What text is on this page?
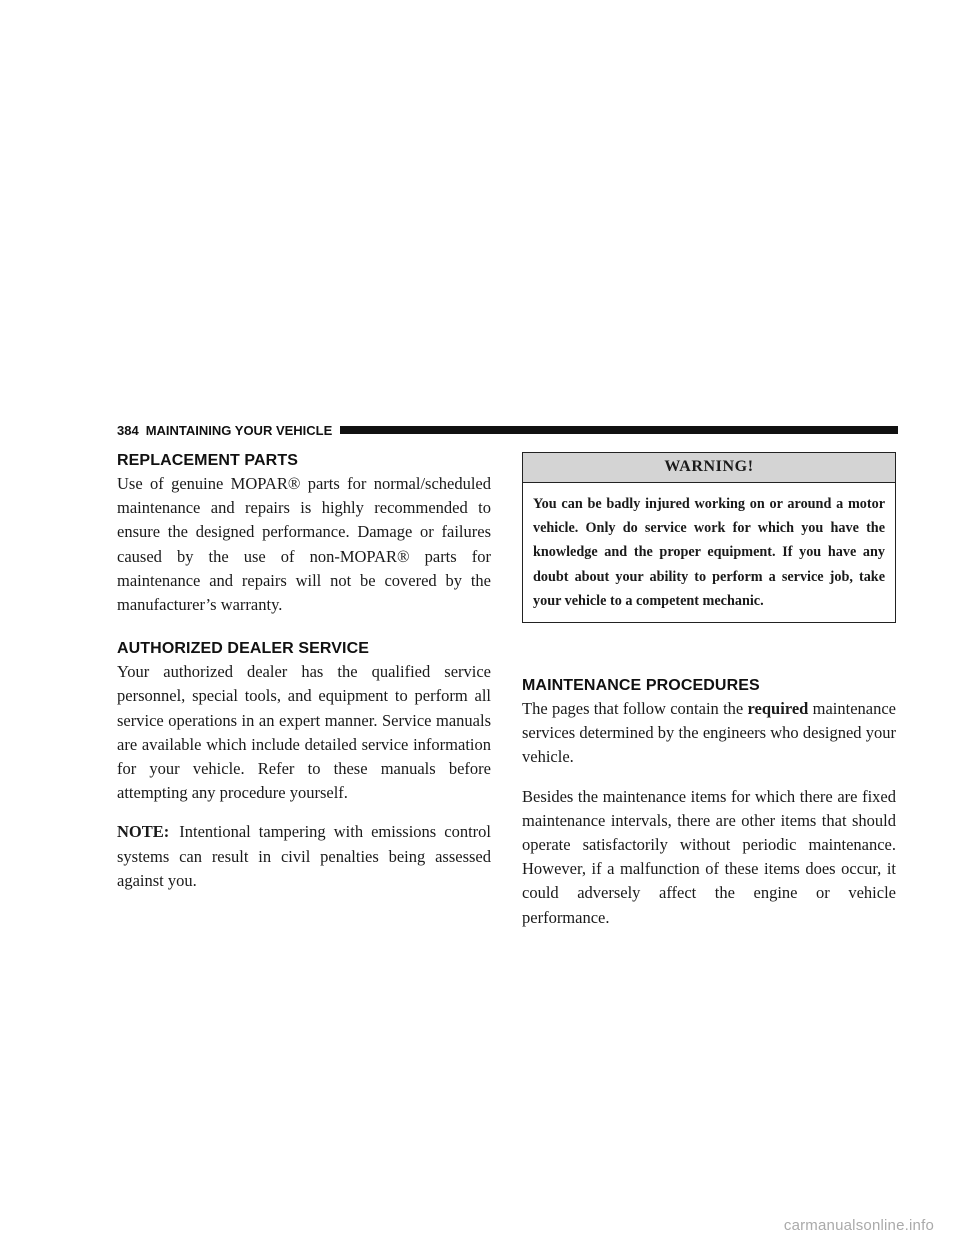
384 MAINTAINING YOUR VEHICLE
REPLACEMENT PARTS

Use of genuine MOPAR® parts for normal/scheduled maintenance and repairs is highly recommended to ensure the designed performance. Damage or failures caused by the use of non-MOPAR® parts for maintenance and repairs will not be covered by the manufacturer’s warranty.

AUTHORIZED DEALER SERVICE

Your authorized dealer has the qualified service personnel, special tools, and equipment to perform all service operations in an expert manner. Service manuals are available which include detailed service information for your vehicle. Refer to these manuals before attempting any procedure yourself.

NOTE: Intentional tampering with emissions control systems can result in civil penalties being assessed against you.

WARNING!

You can be badly injured working on or around a motor vehicle. Only do service work for which you have the knowledge and the proper equipment. If you have any doubt about your ability to perform a service job, take your vehicle to a competent mechanic.

MAINTENANCE PROCEDURES

The pages that follow contain the required maintenance services determined by the engineers who designed your vehicle.

Besides the maintenance items for which there are fixed maintenance intervals, there are other items that should operate satisfactorily without periodic maintenance. However, if a malfunction of these items does occur, it could adversely affect the engine or vehicle performance.

carmanualsonline.info
